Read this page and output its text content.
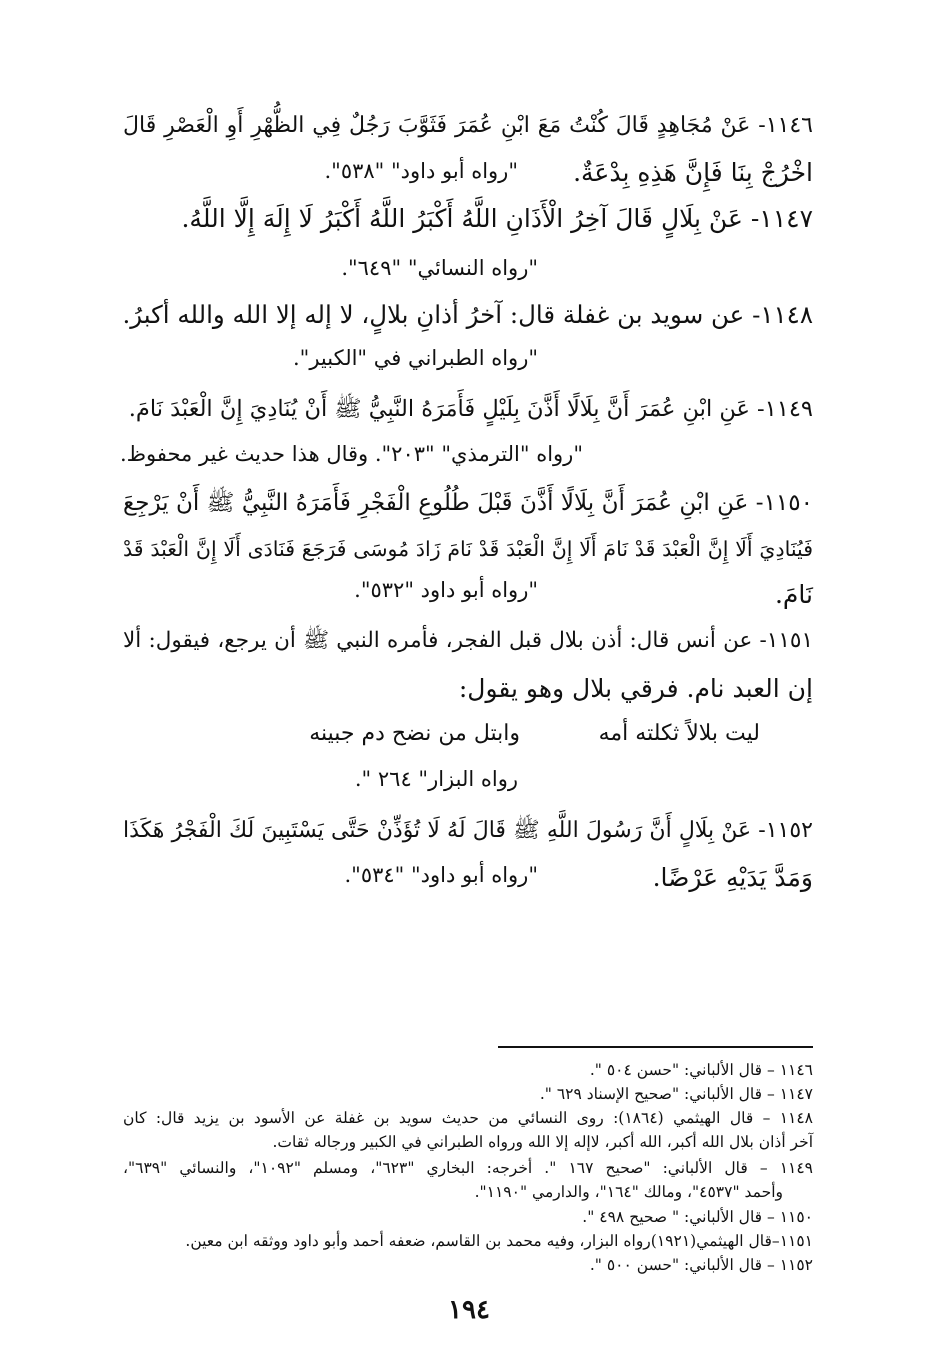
١١٤٦- عَنْ مُجَاهِدٍ قَالَ كُنْتُ مَعَ ابْنِ عُمَرَ فَثَوَّبَ رَجُلٌ فِي الظُّهْرِ أَوِ الْعَصْرِ قَالَ
اخْرُجْ بِنَا فَإِنَّ هَذِهِ بِدْعَةٌ.
"رواه أبو داود" "٥٣٨".
١١٤٧- عَنْ بِلَالٍ قَالَ آخِرُ الْأَذَانِ اللَّهُ أَكْبَرُ اللَّهُ أَكْبَرُ لَا إِلَهَ إِلَّا اللَّهُ.
"رواه النسائي" "٦٤٩".
١١٤٨- عن سويد بن غفلة قال: آخرُ أذانِ بلالٍ، لا إله إلا الله والله أكبرُ.
"رواه الطبراني في "الكبير".
١١٤٩- عَنِ ابْنِ عُمَرَ أَنَّ بِلَالًا أَذَّنَ بِلَيْلٍ فَأَمَرَهُ النَّبِيُّ ﷺ أَنْ يُنَادِيَ إِنَّ الْعَبْدَ نَامَ.
"رواه "الترمذي" "٢٠٣". وقال هذا حديث غير محفوظ.
١١٥٠- عَنِ ابْنِ عُمَرَ أَنَّ بِلَالًا أَذَّنَ قَبْلَ طُلُوعِ الْفَجْرِ فَأَمَرَهُ النَّبِيُّ ﷺ أَنْ يَرْجِعَ
فَيُنَادِيَ أَلَا إِنَّ الْعَبْدَ قَدْ نَامَ أَلَا إِنَّ الْعَبْدَ قَدْ نَامَ زَادَ مُوسَى فَرَجَعَ فَنَادَى أَلَا إِنَّ الْعَبْدَ قَدْ
نَامَ.
"رواه أبو داود "٥٣٢".
١١٥١- عن أنس قال: أذن بلال قبل الفجر، فأمره النبي ﷺ أن يرجع، فيقول: ألا
إن العبد نام. فرقي بلال وهو يقول:
ليت بلالاً ثكلته أمه
وابتل من نضح دم جبينه
رواه البزار" ٢٦٤ ".
١١٥٢- عَنْ بِلَالٍ أَنَّ رَسُولَ اللَّهِ ﷺ قَالَ لَهُ لَا تُؤَذِّنْ حَتَّى يَسْتَبِينَ لَكَ الْفَجْرُ هَكَذَا
وَمَدَّ يَدَيْهِ عَرْضًا.
"رواه أبو داود" "٥٣٤".
١١٤٦ – قال الألباني: "حسن ٥٠٤ ".
١١٤٧ – قال الألباني: "صحيح الإسناد ٦٢٩ ".
١١٤٨ – قال الهيثمي (١٨٦٤): روى النسائي من حديث سويد بن غفلة عن الأسود بن يزيد قال: كان
آخر أذان بلال الله أكبر، الله أكبر، لاإله إلا الله ورواه الطبراني في الكبير ورجاله ثقات.
١١٤٩ – قال الألباني: "صحيح ١٦٧ ". أخرجه: البخاري "٦٢٣"، ومسلم "١٠٩٢"، والنسائي "٦٣٩"،
وأحمد "٤٥٣٧"، ومالك "١٦٤"، والدارمي "١١٩٠".
١١٥٠ – قال الألباني: " صحيح ٤٩٨ ".
١١٥١–قال الهيثمي(١٩٢١)رواه البزار، وفيه محمد بن القاسم، ضعفه أحمد وأبو داود ووثقه ابن معين.
١١٥٢ – قال الألباني: "حسن ٥٠٠ ".
١٩٤
